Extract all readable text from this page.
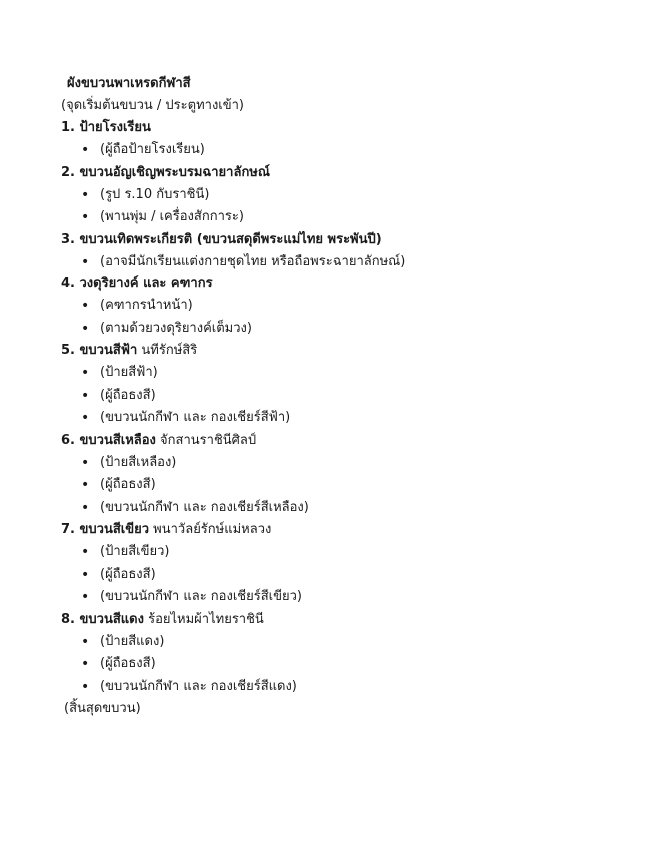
ผังขบวนพาเหรดกีฬาสี
(จุดเริ่มต้นขบวน / ประตูทางเข้า)
1. ป้ายโรงเรียน
• (ผู้ถือป้ายโรงเรียน)
2. ขบวนอัญเชิญพระบรมฉายาลักษณ์
• (รูป ร.10 กับราชินี)
• (พานพุ่ม / เครื่องสักการะ)
3. ขบวนเทิดพระเกียรติ (ขบวนสดุดีพระแม่ไทย พระพันปี)
• (อาจมีนักเรียนแต่งกายชุดไทย หรือถือพระฉายาลักษณ์)
4. วงดุริยางค์ และ คฑากร
• (คฑากรนำหน้า)
• (ตามด้วยวงดุริยางค์เต็มวง)
5. ขบวนสีฟ้า นทีรักษ์สิริ
• (ป้ายสีฟ้า)
• (ผู้ถือธงสี)
• (ขบวนนักกีฬา และ กองเชียร์สีฟ้า)
6. ขบวนสีเหลือง จักสานราชินีศิลป์
• (ป้ายสีเหลือง)
• (ผู้ถือธงสี)
• (ขบวนนักกีฬา และ กองเชียร์สีเหลือง)
7. ขบวนสีเขียว พนาวัลย์รักษ์แม่หลวง
• (ป้ายสีเขียว)
• (ผู้ถือธงสี)
• (ขบวนนักกีฬา และ กองเชียร์สีเขียว)
8. ขบวนสีแดง ร้อยไหมผ้าไทยราชินี
• (ป้ายสีแดง)
• (ผู้ถือธงสี)
• (ขบวนนักกีฬา และ กองเชียร์สีแดง)
(สิ้นสุดขบวน)
